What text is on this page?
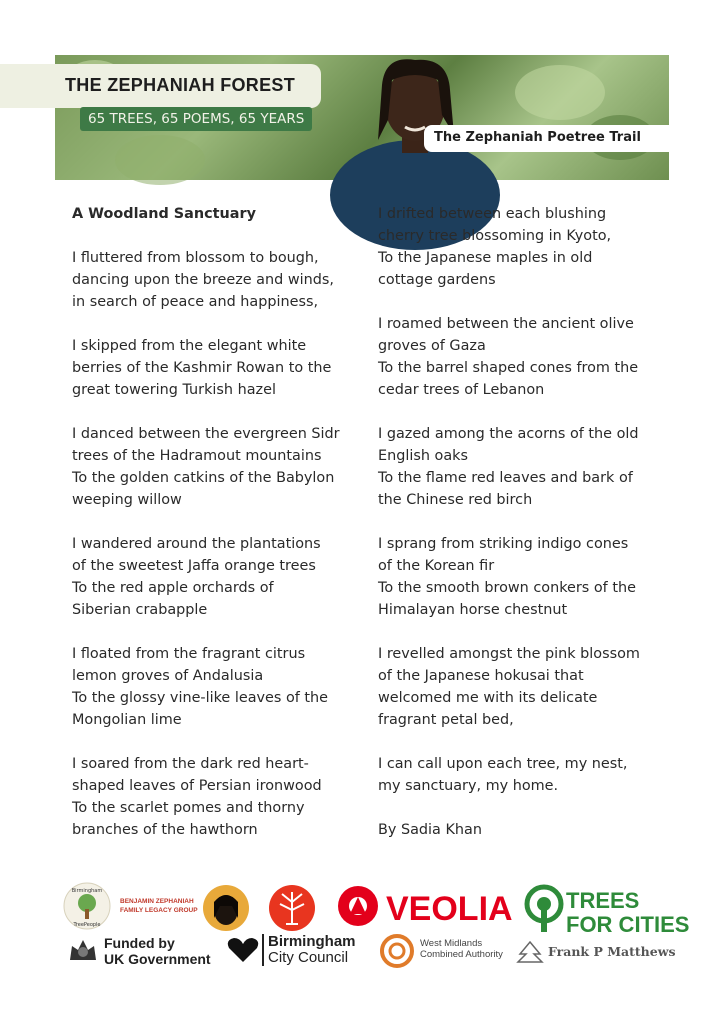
THE ZEPHANIAH FOREST
65 TREES, 65 POEMS, 65 YEARS
The Zephaniah Poetree Trail
A Woodland Sanctuary
I fluttered from blossom to bough,
dancing upon the breeze and winds,
in search of peace and happiness,
I skipped from the elegant white
berries of the Kashmir Rowan to the
great towering Turkish hazel
I danced between the evergreen Sidr
trees of the Hadramout mountains
To the golden catkins of the Babylon
weeping willow
I wandered around the plantations
of the sweetest Jaffa orange trees
To the red apple orchards of
Siberian crabapple
I floated from the fragrant citrus
lemon groves of Andalusia
To the glossy vine-like leaves of the
Mongolian lime
I soared from the dark red heart-
shaped leaves of Persian ironwood
To the scarlet pomes and thorny
branches of the hawthorn
I drifted between each blushing
cherry tree blossoming in Kyoto,
To the Japanese maples in old
cottage gardens
I roamed between the ancient olive
groves of Gaza
To the barrel shaped cones from the
cedar trees of Lebanon
I gazed among the acorns of the old
English oaks
To the flame red leaves and bark of
the Chinese red birch
I sprang from striking indigo cones
of the Korean fir
To the smooth brown conkers of the
Himalayan horse chestnut
I revelled amongst the pink blossom
of the Japanese hokusai that
welcomed me with its delicate
fragrant petal bed,
I can call upon each tree, my nest,
my sanctuary, my home.
By Sadia Khan
Birmingham
TreePeople
BENJAMIN ZEPHANIAH
FAMILY LEGACY GROUP	VEOLIA TREES
FOR CITIES
Funded by
UK Government
Birmingham
City Council
West Midlands
Combined Authority	Frank P Matthews
